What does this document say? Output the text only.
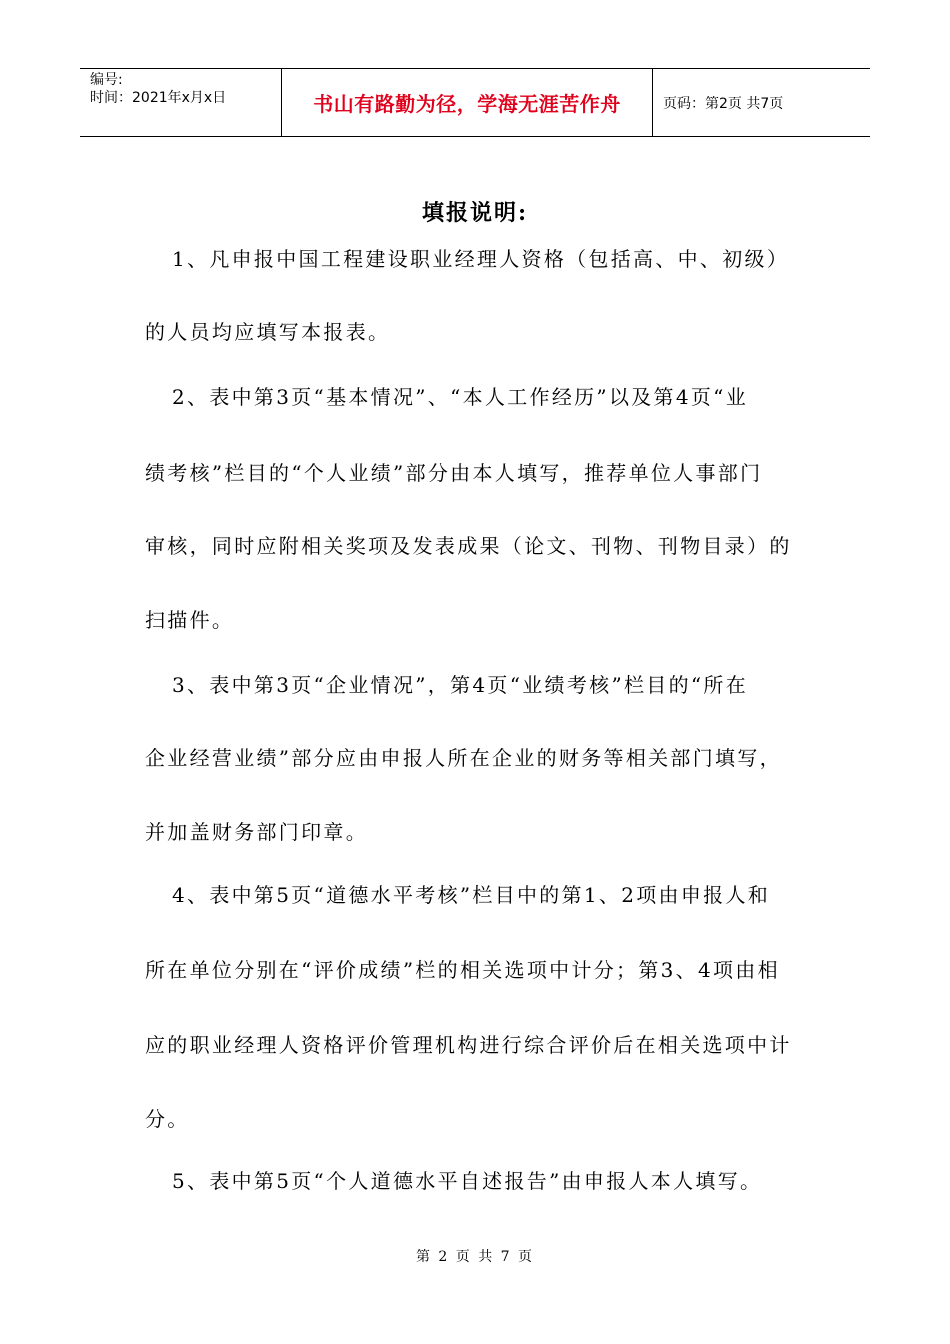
编号:
时间：2021年x月x日	书山有路勤为径，学海无涯苦作舟	页码：第2页 共7页
填报说明:
1、凡申报中国工程建设职业经理人资格（包括高、中、初级）
的人员均应填写本报表。
2、表中第3页“基本情况”、“本人工作经历”以及第4页“业
绩考核”栏目的“个人业绩”部分由本人填写，推荐单位人事部门
审核，同时应附相关奖项及发表成果（论文、刊物、刊物目录）的
扫描件。
3、表中第3页“企业情况”，第4页“业绩考核”栏目的“所在
企业经营业绩”部分应由申报人所在企业的财务等相关部门填写，
并加盖财务部门印章。
4、表中第5页“道德水平考核”栏目中的第1、2项由申报人和
所在单位分别在“评价成绩”栏的相关选项中计分；第3、4项由相
应的职业经理人资格评价管理机构进行综合评价后在相关选项中计
分。
5、表中第5页“个人道德水平自述报告”由申报人本人填写。
第 2 页 共 7 页
